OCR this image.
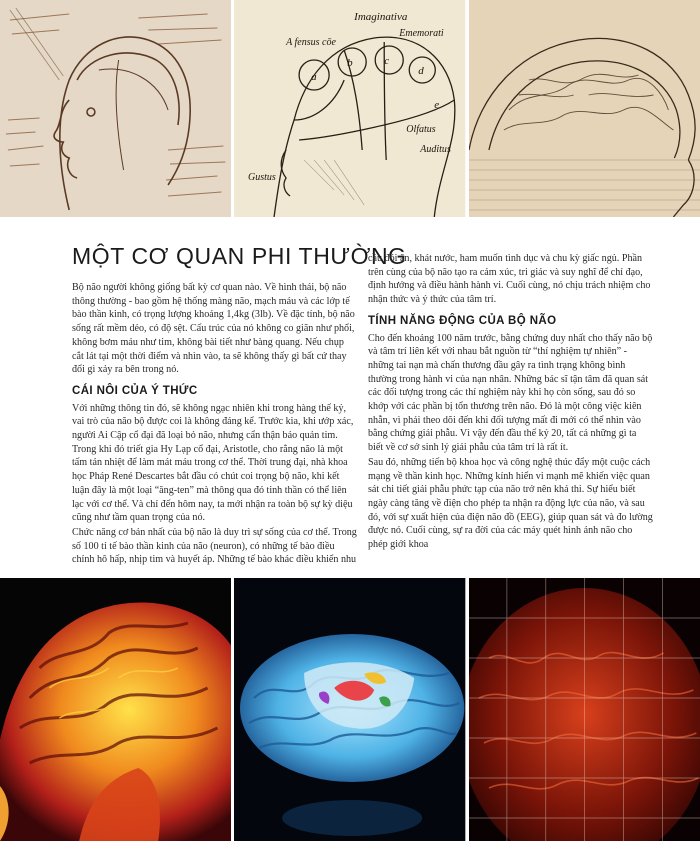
Imaginativa
Ememorati
A fensus cōe
a
b	c
d
e
Olfatus
Auditus
Gustus
MỘT CƠ QUAN PHI THƯỜNG

Bộ não người không giống bất kỳ cơ quan nào. Về hình thái, bộ não thông thường - bao gồm hệ thống màng não, mạch máu và các lớp tế bào thần kinh, có trọng lượng khoảng 1,4kg (3lb). Về đặc tính, bộ não sống rất mềm dẻo, có độ sệt. Cấu trúc của nó không co giãn như phổi, không bơm máu như tim, không bài tiết như bàng quang. Nếu chụp cắt lát tại một thời điểm và nhìn vào, ta sẽ không thấy gì bất cứ thay đổi gì xảy ra bên trong nó.

CÁI NÔI CỦA Ý THỨC

Với những thông tin đó, sẽ không ngạc nhiên khi trong hàng thế kỷ, vai trò của não bộ được coi là không đáng kể. Trước kia, khi ướp xác, người Ai Cập cổ đại đã loại bỏ não, nhưng cẩn thận bảo quản tim. Trong khi đó triết gia Hy Lạp cổ đại, Aristotle, cho rằng não là một tấm tản nhiệt để làm mát máu trong cơ thể. Thời trung đại, nhà khoa học Pháp René Descartes bắt đầu có chút coi trọng bộ não, khi kết luận đây là một loại “ăng-ten” mà thông qua đó tinh thần có thể liên lạc với cơ thể. Và chỉ đến hôm nay, ta mới nhận ra toàn bộ sự kỳ diệu cũng như tầm quan trọng của nó.

Chức năng cơ bản nhất của bộ não là duy trì sự sống của cơ thể. Trong số 100 tỉ tế bào thần kinh của não (neuron), có những tế bào điều chỉnh hô hấp, nhịp tim và huyết áp. Những tế bào khác điều khiển nhu

cầu đói ăn, khát nước, ham muốn tình dục và chu kỳ giấc ngủ. Phần trên cùng của bộ não tạo ra cảm xúc, tri giác và suy nghĩ để chỉ đạo, định hướng và điều hành hành vi. Cuối cùng, nó chịu trách nhiệm cho nhận thức và ý thức của tâm trí.

TÍNH NĂNG ĐỘNG CỦA BỘ NÃO

Cho đến khoảng 100 năm trước, bằng chứng duy nhất cho thấy não bộ và tâm trí liên kết với nhau bắt nguồn từ “thí nghiệm tự nhiên” - những tai nạn mà chấn thương đầu gây ra tình trạng không bình thường trong hành vi của nạn nhân. Những bác sĩ tận tâm đã quan sát các đối tượng trong các thí nghiệm này khi họ còn sống, sau đó so khớp với các phần bị tổn thương trên não. Đó là một công việc kiên nhẫn, vì phải theo dõi đến khi đối tượng mất đi mới có thể nhìn vào bằng chứng giải phẫu. Vì vậy đến đầu thế kỷ 20, tất cả những gì ta biết về cơ sở sinh lý giải phẫu của tâm trí là rất ít.

Sau đó, những tiến bộ khoa học và công nghệ thúc đẩy một cuộc cách mạng về thần kinh học. Những kính hiển vi mạnh mẽ khiến việc quan sát chi tiết giải phẫu phức tạp của não trở nên khả thi. Sự hiểu biết ngày càng tăng về điện cho phép ta nhận ra động lực của não, và sau đó, với sự xuất hiện của điện não đồ (EEG), giúp quan sát và đo lường được nó. Cuối cùng, sự ra đời của các máy quét hình ảnh não cho phép giới khoa
